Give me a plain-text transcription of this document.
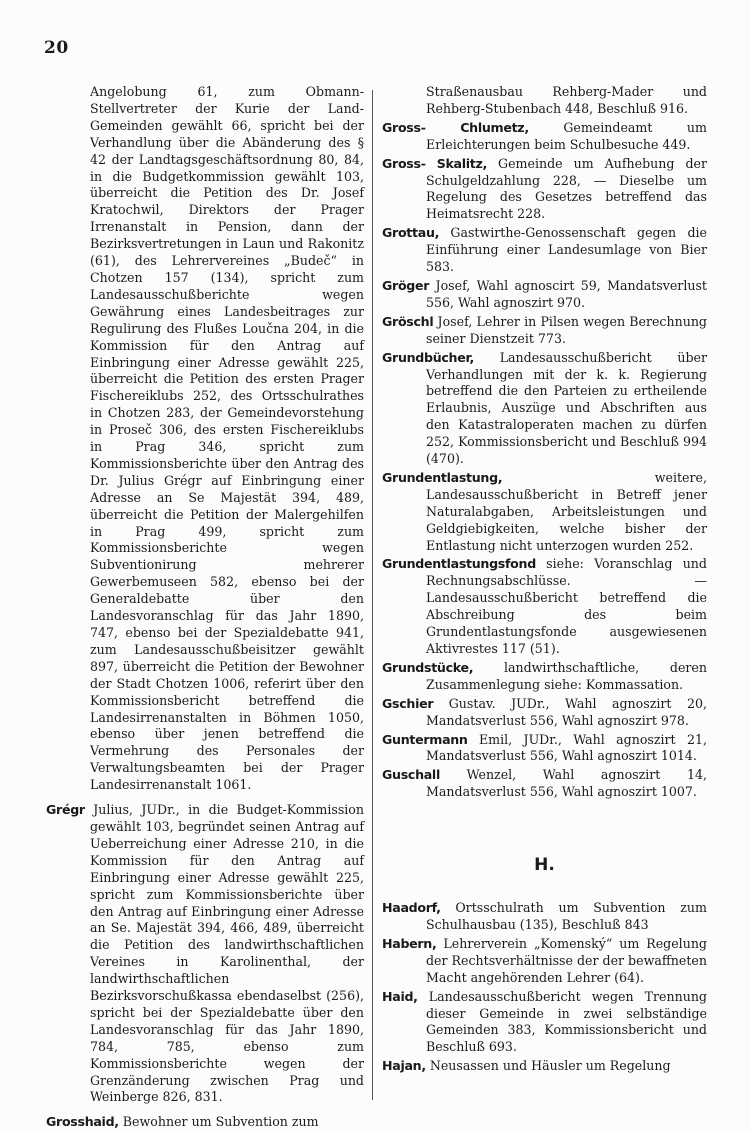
20

Angelobung 61, zum Obmann-Stellvertreter der Kurie der Land-Gemeinden gewählt 66, spricht bei der Verhandlung über die Abänderung des § 42 der Landtagsgeschäftsordnung 80, 84, in die Budgetkommission gewählt 103, überreicht die Petition des Dr. Josef Kratochwil, Direktors der Prager Irrenanstalt in Pension, dann der Bezirksvertretungen in Laun und Rakonitz (61), des Lehrervereines „Budeč“ in Chotzen 157 (134), spricht zum Landesausschußberichte wegen Gewährung eines Landesbeitrages zur Regulirung des Flußes Loučna 204, in die Kommission für den Antrag auf Einbringung einer Adresse gewählt 225, überreicht die Petition des ersten Prager Fischereiklubs 252, des Ortsschulrathes in Chotzen 283, der Gemeindevorstehung in Proseč 306, des ersten Fischereiklubs in Prag 346, spricht zum Kommissionsberichte über den Antrag des Dr. Julius Grégr auf Einbringung einer Adresse an Se Majestät 394, 489, überreicht die Petition der Malergehilfen in Prag 499, spricht zum Kommissionsberichte wegen Subventionirung mehrerer Gewerbemuseen 582, ebenso bei der Generaldebatte über den Landesvoranschlag für das Jahr 1890, 747, ebenso bei der Spezialdebatte 941, zum Landesausschußbeisitzer gewählt 897, überreicht die Petition der Bewohner der Stadt Chotzen 1006, referirt über den Kommissionsbericht betreffend die Landesirrenanstalten in Böhmen 1050, ebenso über jenen betreffend die Vermehrung des Personales der Verwaltungsbeamten bei der Prager Landesirrenanstalt 1061.

Grégr Julius, JUDr., in die Budget-Kommission gewählt 103, begründet seinen Antrag auf Ueberreichung einer Adresse 210, in die Kommission für den Antrag auf Einbringung einer Adresse gewählt 225, spricht zum Kommissionsberichte über den Antrag auf Einbringung einer Adresse an Se. Majestät 394, 466, 489, überreicht die Petition des landwirthschaftlichen Vereines in Karolinenthal, der landwirthschaftlichen Bezirksvorschußkassa ebendaselbst (256), spricht bei der Spezialdebatte über den Landesvoranschlag für das Jahr 1890, 784, 785, ebenso zum Kommissionsberichte wegen der Grenzänderung zwischen Prag und Weinberge 826, 831.

Grosshaid, Bewohner um Subvention zum

Straßenausbau Rehberg-Mader und Rehberg-Stubenbach 448, Beschluß 916.

Gross- Chlumetz,	Gemeindeamt um Erleichterungen beim Schulbesuche 449.

Gross- Skalitz, Gemeinde um Aufhebung der Schulgeldzahlung 228, — Dieselbe um Regelung des Gesetzes betreffend das Heimatsrecht 228.

Grottau, Gastwirthe-Genossenschaft gegen die Einführung einer Landesumlage von Bier 583.

Gröger Josef, Wahl agnoscirt 59, Mandatsverlust 556, Wahl agnoszirt 970.

Gröschl Josef, Lehrer in Pilsen wegen Berechnung seiner Dienstzeit 773.

Grundbücher, Landesausschußbericht über Verhandlungen mit der k. k. Regierung betreffend die den Parteien zu ertheilende Erlaubnis, Auszüge und Abschriften aus den Katastraloperaten machen zu dürfen 252, Kommissionsbericht und Beschluß 994 (470).

Grundentlastung,	weitere, Landesausschußbericht in Betreff jener Naturalabgaben, Arbeitsleistungen und Geldgiebigkeiten, welche bisher der Entlastung nicht unterzogen wurden 252.

Grundentlastungsfond siehe: Voranschlag und Rechnungsabschlüsse. — Landesausschußbericht betreffend die Abschreibung des beim Grundentlastungsfonde ausgewiesenen Aktivrestes 117 (51).

Grundstücke, landwirthschaftliche, deren Zusammenlegung siehe: Kommassation.

Gschier Gustav. JUDr., Wahl agnoszirt 20, Mandatsverlust 556, Wahl agnoszirt 978.

Guntermann Emil, JUDr., Wahl agnoszirt 21, Mandatsverlust 556, Wahl agnoszirt 1014.

Guschall Wenzel, Wahl agnoszirt 14, Mandatsverlust 556, Wahl agnoszirt 1007.

H.

Haadorf, Ortsschulrath um Subvention zum Schulhausbau (135), Beschluß 843

Habern, Lehrerverein „Komenský“ um Regelung der Rechtsverhältnisse der der bewaffneten Macht angehörenden Lehrer (64).

Haid, Landesausschußbericht wegen Trennung dieser Gemeinde in zwei selbständige Gemeinden 383, Kommissionsbericht und Beschluß 693.

Hajan, Neusassen und Häusler um Regelung
